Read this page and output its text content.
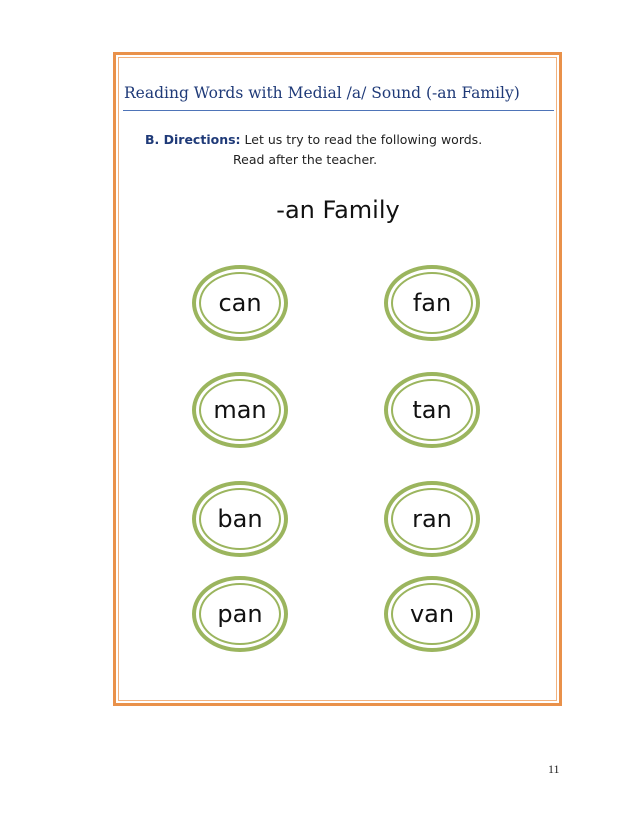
Reading Words with Medial /a/ Sound (-an Family)
B. Directions: Let us try to read the following words.
Read after the teacher.
-an Family
can	fan
man	tan
ban	ran
pan	van
11
